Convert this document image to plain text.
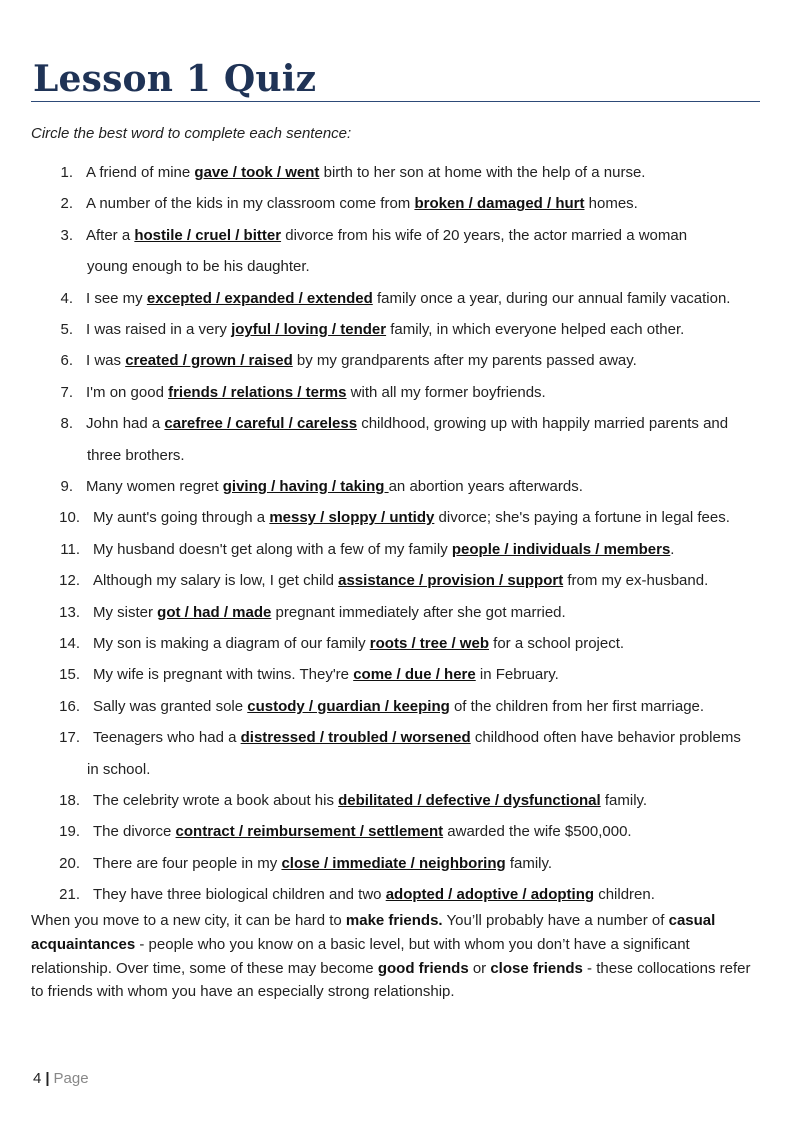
Lesson 1 Quiz
Circle the best word to complete each sentence:
1. A friend of mine gave / took / went birth to her son at home with the help of a nurse.
2. A number of the kids in my classroom come from broken / damaged / hurt homes.
3. After a hostile / cruel / bitter divorce from his wife of 20 years, the actor married a woman
young enough to be his daughter.
4. I see my excepted / expanded / extended family once a year, during our annual family vacation.
5. I was raised in a very joyful / loving / tender family, in which everyone helped each other.
6. I was created / grown / raised by my grandparents after my parents passed away.
7. I'm on good friends / relations / terms with all my former boyfriends.
8. John had a carefree / careful / careless childhood, growing up with happily married parents and
three brothers.
9. Many women regret giving / having / taking an abortion years afterwards.
10. My aunt's going through a messy / sloppy / untidy divorce; she's paying a fortune in legal fees.
11. My husband doesn't get along with a few of my family people / individuals / members.
12. Although my salary is low, I get child assistance / provision / support from my ex-husband.
13. My sister got / had / made pregnant immediately after she got married.
14. My son is making a diagram of our family roots / tree / web for a school project.
15. My wife is pregnant with twins. They're come / due / here in February.
16. Sally was granted sole custody / guardian / keeping of the children from her first marriage.
17. Teenagers who had a distressed / troubled / worsened childhood often have behavior problems
in school.
18. The celebrity wrote a book about his debilitated / defective / dysfunctional family.
19. The divorce contract / reimbursement / settlement awarded the wife $500,000.
20. There are four people in my close / immediate / neighboring family.
21. They have three biological children and two adopted / adoptive / adopting children.
When you move to a new city, it can be hard to make friends. You’ll probably have a number of casual acquaintances - people who you know on a basic level, but with whom you don’t have a significant relationship. Over time, some of these may become good friends or close friends - these collocations refer to friends with whom you have an especially strong relationship.
4 | Page
